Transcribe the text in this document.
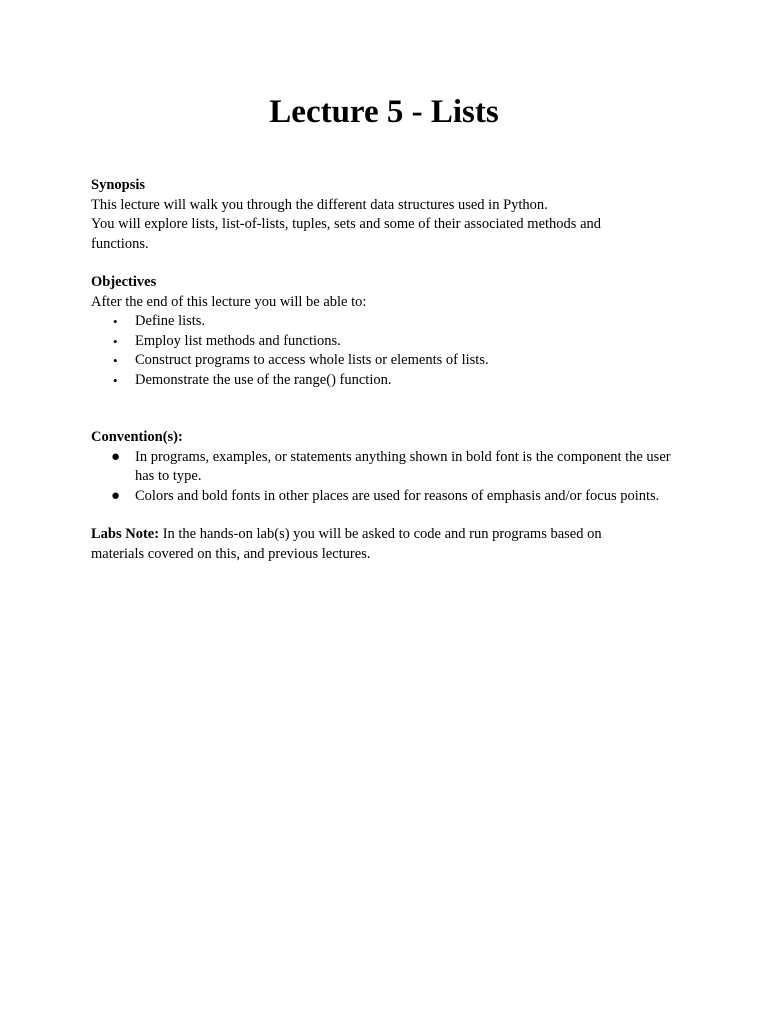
Lecture 5 - Lists
Synopsis

This lecture will walk you through the different data structures used in Python.

You will explore lists, list-of-lists, tuples, sets and some of their associated methods and functions.

Objectives

After the end of this lecture you will be able to:

• Define lists.
• Employ list methods and functions.
• Construct programs to access whole lists or elements of lists.
• Demonstrate the use of the range() function.
Convention(s):
● In programs, examples, or statements anything shown in bold font is the component the user has to type.
● Colors and bold fonts in other places are used for reasons of emphasis and/or focus points.

Labs Note: In the hands-on lab(s) you will be asked to code and run programs based on materials covered on this, and previous lectures.
